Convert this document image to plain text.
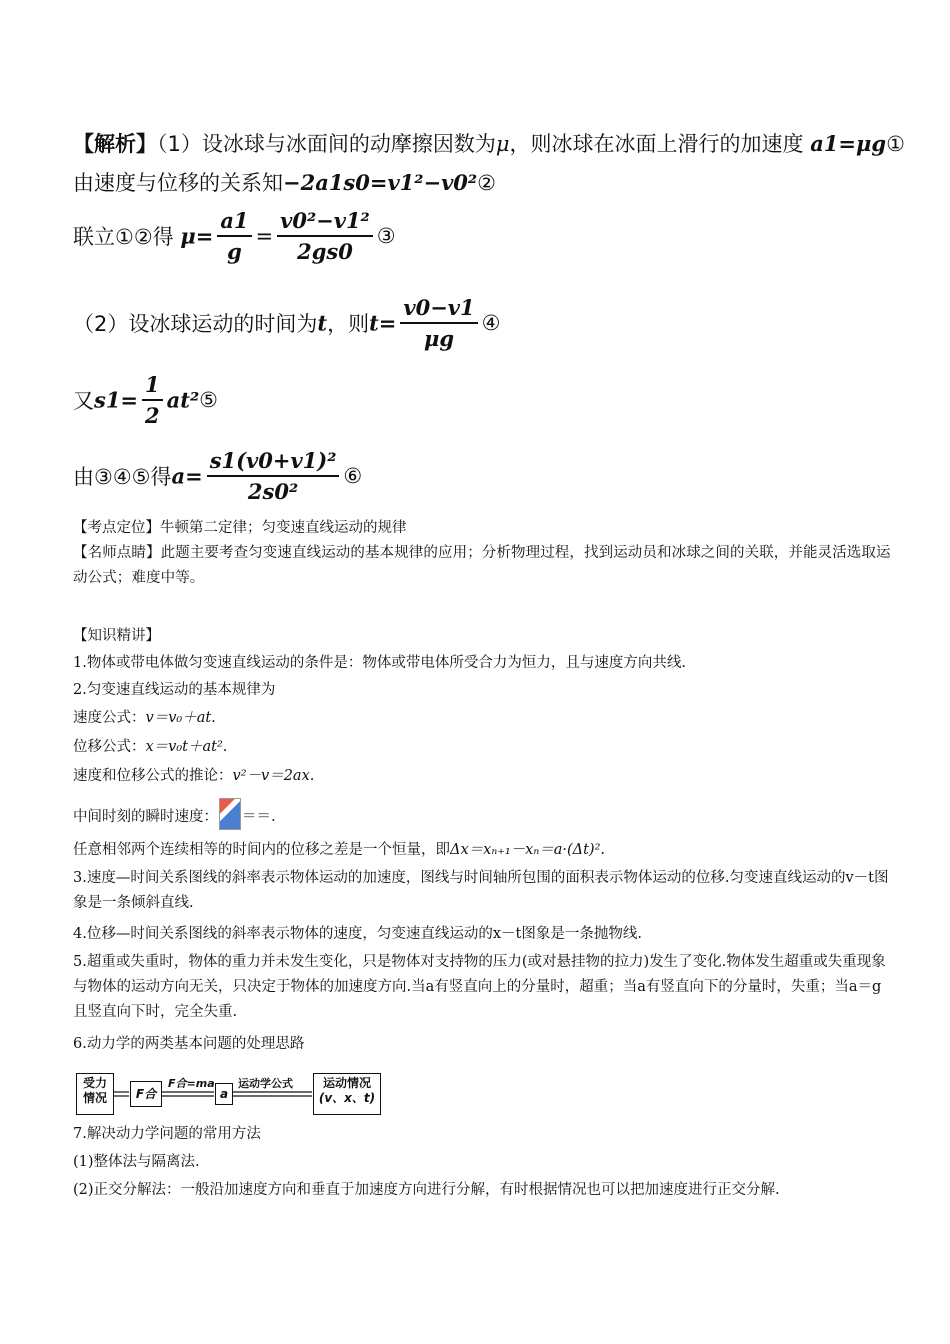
【解析】（1）设冰球与冰面间的动摩擦因数为μ，则冰球在冰面上滑行的加速度 a1=μg①
由速度与位移的关系知−2a1s0=v1²−v0²②
联立①②得 $\mu= \frac{a1}{g} = \frac{\text{v0²−v1²}}{2gs0}$ ③
（2）设冰球运动的时间为t，则$t= \frac{v0-v1}{\mu g}$ ④
又$s1= \frac{1}{2}$ at²⑤
由③④⑤得$a= \frac{\text{s1(v0+v1)²}}{\text{2s0²}}$ ⑥
【考点定位】牛顿第二定律；匀变速直线运动的规律
【名师点睛】此题主要考查匀变速直线运动的基本规律的应用；分析物理过程，找到运动员和冰球之间的关联，并能灵活选取运动公式；难度中等。
【知识精讲】
1.物体或带电体做匀变速直线运动的条件是：物体或带电体所受合力为恒力，且与速度方向共线.
2.匀变速直线运动的基本规律为
速度公式：v＝v₀＋at.
位移公式：x＝v₀t＋at².
速度和位移公式的推论：v²－v＝2ax.
中间时刻的瞬时速度： ＝＝.
任意相邻两个连续相等的时间内的位移之差是一个恒量，即Δx＝xₙ₊₁－xₙ＝a·(Δt)².
3.速度—时间关系图线的斜率表示物体运动的加速度，图线与时间轴所包围的面积表示物体运动的位移.匀变速直线运动的v－t图象是一条倾斜直线.
4.位移—时间关系图线的斜率表示物体的速度，匀变速直线运动的x－t图象是一条抛物线.
5.超重或失重时，物体的重力并未发生变化，只是物体对支持物的压力(或对悬挂物的拉力)发生了变化.物体发生超重或失重现象与物体的运动方向无关，只决定于物体的加速度方向.当a有竖直向上的分量时，超重；当a有竖直向下的分量时，失重；当a＝g且竖直向下时，完全失重.
6.动力学的两类基本问题的处理思路
受力情况	F合
F合=ma
a
运动学公式	运动情况
(v、x、t)
7.解决动力学问题的常用方法
(1)整体法与隔离法.
(2)正交分解法：一般沿加速度方向和垂直于加速度方向进行分解，有时根据情况也可以把加速度进行正交分解.
